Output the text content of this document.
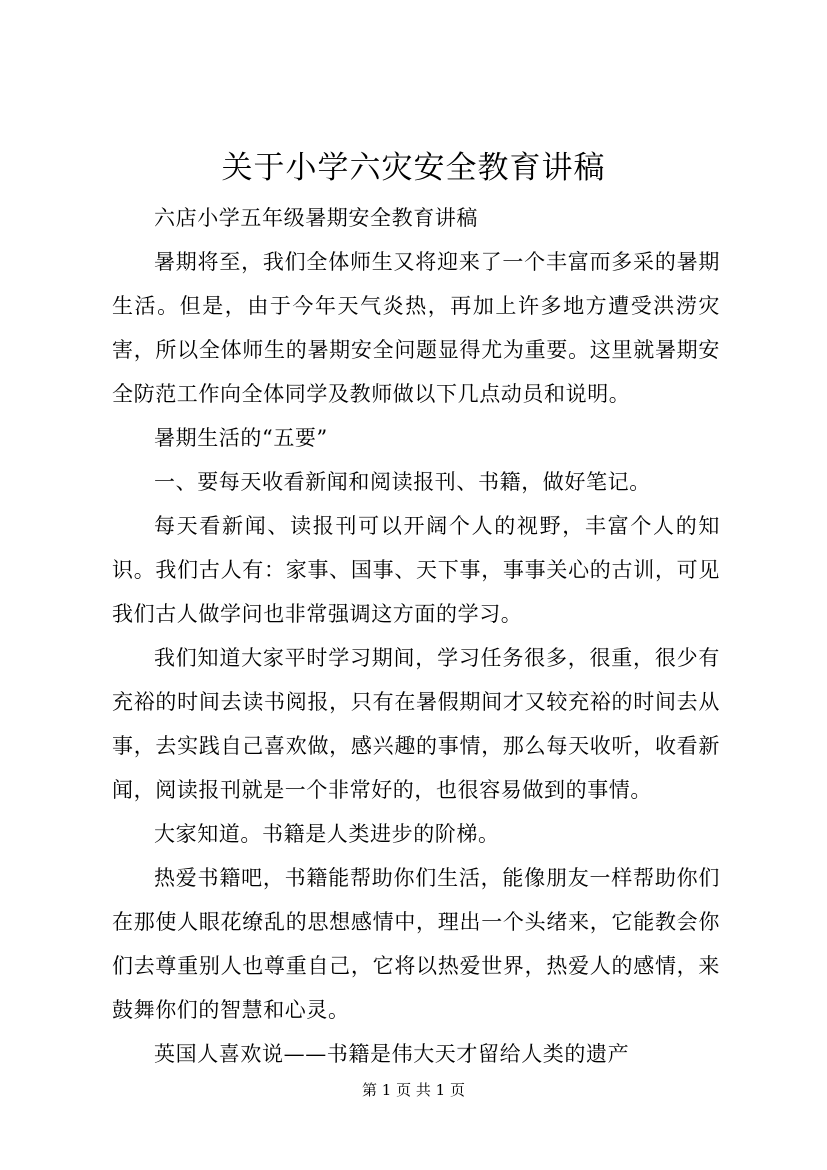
关于小学六灾安全教育讲稿

六店小学五年级暑期安全教育讲稿

暑期将至，我们全体师生又将迎来了一个丰富而多采的暑期生活。但是，由于今年天气炎热，再加上许多地方遭受洪涝灾害，所以全体师生的暑期安全问题显得尤为重要。这里就暑期安全防范工作向全体同学及教师做以下几点动员和说明。

暑期生活的“五要”

一、要每天收看新闻和阅读报刊、书籍，做好笔记。

每天看新闻、读报刊可以开阔个人的视野，丰富个人的知识。我们古人有：家事、国事、天下事，事事关心的古训，可见我们古人做学问也非常强调这方面的学习。

我们知道大家平时学习期间，学习任务很多，很重，很少有充裕的时间去读书阅报，只有在暑假期间才又较充裕的时间去从事，去实践自己喜欢做，感兴趣的事情，那么每天收听，收看新闻，阅读报刊就是一个非常好的，也很容易做到的事情。

大家知道。书籍是人类进步的阶梯。

热爱书籍吧，书籍能帮助你们生活，能像朋友一样帮助你们在那使人眼花缭乱的思想感情中，理出一个头绪来，它能教会你们去尊重别人也尊重自己，它将以热爱世界，热爱人的感情，来鼓舞你们的智慧和心灵。

英国人喜欢说——书籍是伟大天才留给人类的遗产

第 1 页 共 1 页
